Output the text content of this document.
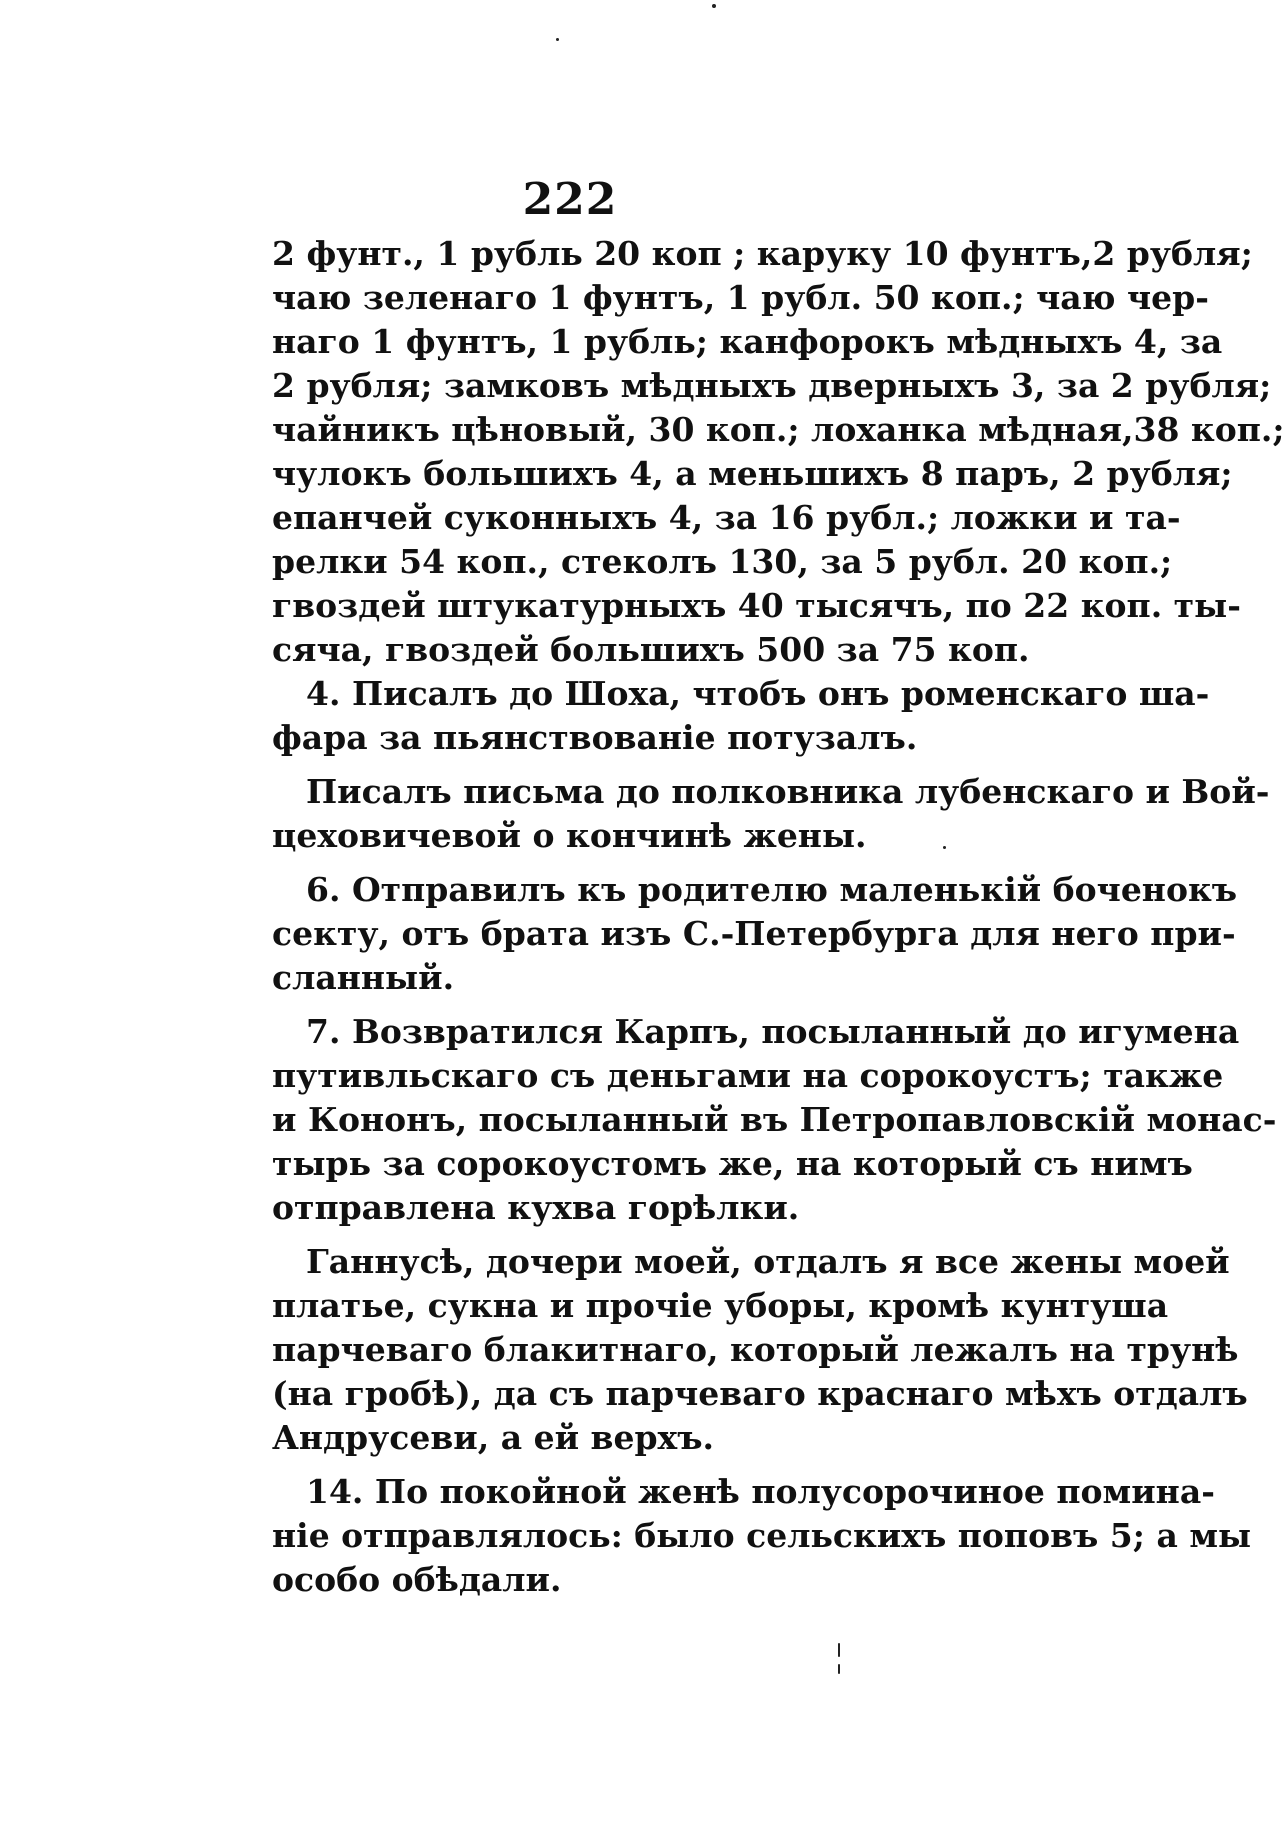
222
2 фунт., 1 рубль 20 коп ; каруку 10 фунтъ,2 рубля;
чаю зеленаго 1 фунтъ, 1 рубл. 50 коп.; чаю чер-
наго 1 фунтъ, 1 рубль; канфорокъ мѣдныхъ 4, за
2 рубля; замковъ мѣдныхъ дверныхъ 3, за 2 рубля;
чайникъ цѣновый, 30 коп.; лоханка мѣдная,38 коп.;
чулокъ большихъ 4, а меньшихъ 8 паръ, 2 рубля;
епанчей суконныхъ 4, за 16 рубл.; ложки и та-
релки 54 коп., стеколъ 130, за 5 рубл. 20 коп.;
гвоздей штукатурныхъ 40 тысячъ, по 22 коп. ты-
сяча, гвоздей большихъ 500 за 75 коп.
4. Писалъ до Шоха, чтобъ онъ роменскаго ша-
фара за пьянствованіе потузалъ.
Писалъ письма до полковника лубенскаго и Вой-
цеховичевой о кончинѣ жены.
6. Отправилъ къ родителю маленькій боченокъ
секту, отъ брата изъ С.-Петербурга для него при-
сланный.
7. Возвратился Карпъ, посыланный до игумена
путивльскаго съ деньгами на сорокоустъ; также
и Кононъ, посыланный въ Петропавловскій монас-
тырь за сорокоустомъ же, на который съ нимъ
отправлена кухва горѣлки.
Ганнусѣ, дочери моей, отдалъ я все жены моей
платье, сукна и прочіе уборы, кромѣ кунтуша
парчеваго блакитнаго, который лежалъ на трунѣ
(на гробѣ), да съ парчеваго краснаго мѣхъ отдалъ
Андрусеви, а ей верхъ.
14. По покойной женѣ полусорочиное помина-
ніе отправлялось: было сельскихъ поповъ 5; а мы
особо обѣдали.
